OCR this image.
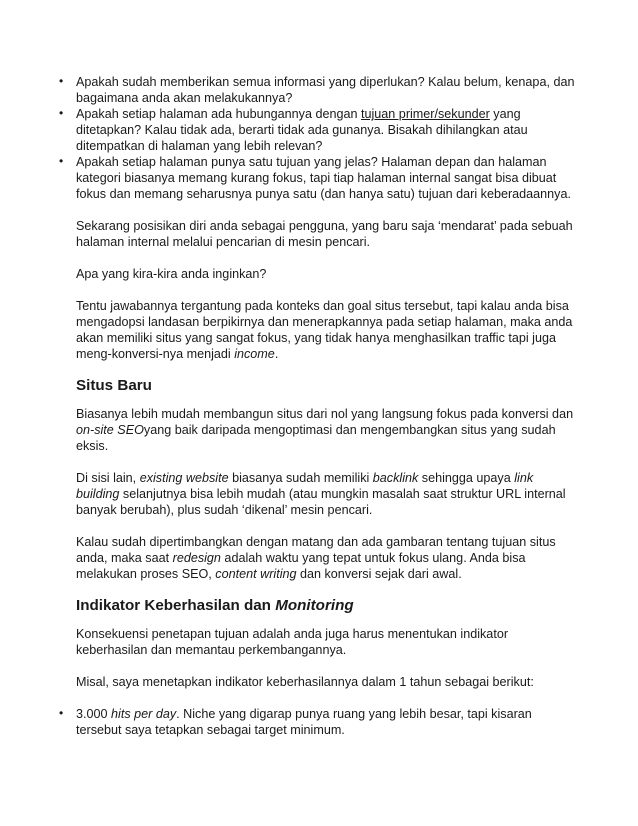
• Apakah sudah memberikan semua informasi yang diperlukan? Kalau belum, kenapa, dan bagaimana anda akan melakukannya?

• Apakah setiap halaman ada hubungannya dengan tujuan primer/sekunder yang ditetapkan? Kalau tidak ada, berarti tidak ada gunanya. Bisakah dihilangkan atau ditempatkan di halaman yang lebih relevan?

• Apakah setiap halaman punya satu tujuan yang jelas? Halaman depan dan halaman kategori biasanya memang kurang fokus, tapi tiap halaman internal sangat bisa dibuat fokus dan memang seharusnya punya satu (dan hanya satu) tujuan dari keberadaannya.

Sekarang posisikan diri anda sebagai pengguna, yang baru saja ‘mendarat’ pada sebuah halaman internal melalui pencarian di mesin pencari.

Apa yang kira-kira anda inginkan?

Tentu jawabannya tergantung pada konteks dan goal situs tersebut, tapi kalau anda bisa mengadopsi landasan berpikirnya dan menerapkannya pada setiap halaman, maka anda akan memiliki situs yang sangat fokus, yang tidak hanya menghasilkan traffic tapi juga meng-konversi-nya menjadi income.

Situs Baru

Biasanya lebih mudah membangun situs dari nol yang langsung fokus pada konversi dan on-site SEOyang baik daripada mengoptimasi dan mengembangkan situs yang sudah eksis.

Di sisi lain, existing website biasanya sudah memiliki backlink sehingga upaya link building selanjutnya bisa lebih mudah (atau mungkin masalah saat struktur URL internal banyak berubah), plus sudah ‘dikenal’ mesin pencari.

Kalau sudah dipertimbangkan dengan matang dan ada gambaran tentang tujuan situs anda, maka saat redesign adalah waktu yang tepat untuk fokus ulang. Anda bisa melakukan proses SEO, content writing dan konversi sejak dari awal.

Indikator Keberhasilan dan Monitoring

Konsekuensi penetapan tujuan adalah anda juga harus menentukan indikator keberhasilan dan memantau perkembangannya.

Misal, saya menetapkan indikator keberhasilannya dalam 1 tahun sebagai berikut:

• 3.000 hits per day. Niche yang digarap punya ruang yang lebih besar, tapi kisaran tersebut saya tetapkan sebagai target minimum.
